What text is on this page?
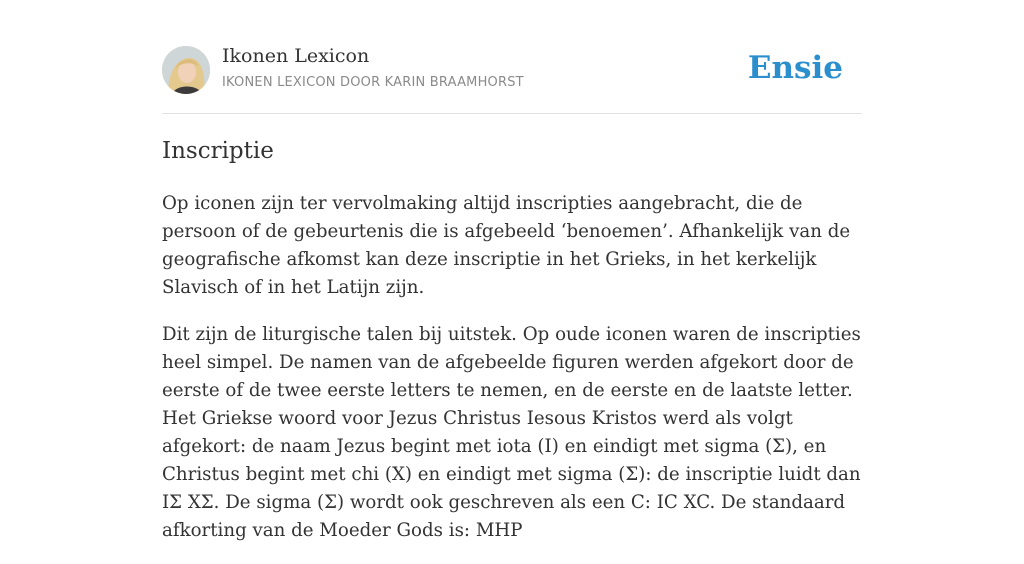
Ikonen Lexicon
IKONEN LEXICON DOOR KARIN BRAAMHORST	Ensie
Inscriptie

Op iconen zijn ter vervolmaking altijd inscripties aangebracht, die de persoon of de gebeurtenis die is afgebeeld ‘benoemen’. Afhankelijk van de geografische afkomst kan deze inscriptie in het Grieks, in het kerkelijk Slavisch of in het Latijn zijn.

Dit zijn de liturgische talen bij uitstek. Op oude iconen waren de inscripties heel simpel. De namen van de afgebeelde figuren werden afgekort door de eerste of de twee eerste letters te nemen, en de eerste en de laatste letter. Het Griekse woord voor Jezus Christus Iesous Kristos werd als volgt afgekort: de naam Jezus begint met iota (I) en eindigt met sigma (Σ), en Christus begint met chi (X) en eindigt met sigma (Σ): de inscriptie luidt dan IΣ XΣ. De sigma (Σ) wordt ook geschreven als een C: IC XC. De standaard afkorting van de Moeder Gods is: MHP
